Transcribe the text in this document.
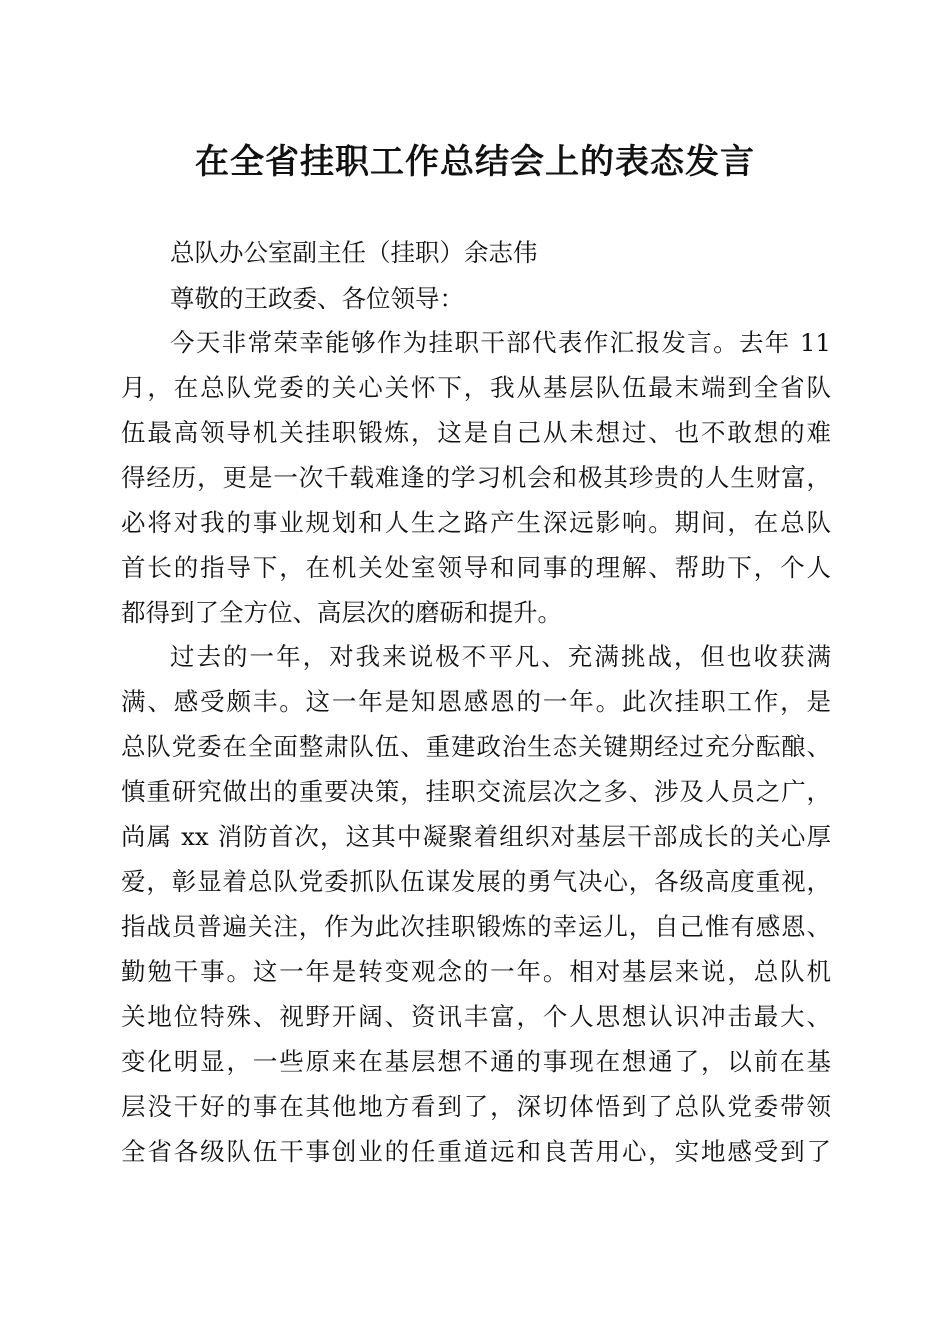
在全省挂职工作总结会上的表态发言
总队办公室副主任（挂职）余志伟
尊敬的王政委、各位领导：
今天非常荣幸能够作为挂职干部代表作汇报发言。去年 11
月，在总队党委的关心关怀下，我从基层队伍最末端到全省队
伍最高领导机关挂职锻炼，这是自己从未想过、也不敢想的难
得经历，更是一次千载难逢的学习机会和极其珍贵的人生财富，
必将对我的事业规划和人生之路产生深远影响。期间，在总队
首长的指导下，在机关处室领导和同事的理解、帮助下，个人
都得到了全方位、高层次的磨砺和提升。
过去的一年，对我来说极不平凡、充满挑战，但也收获满
满、感受颇丰。这一年是知恩感恩的一年。此次挂职工作，是
总队党委在全面整肃队伍、重建政治生态关键期经过充分酝酿、
慎重研究做出的重要决策，挂职交流层次之多、涉及人员之广，
尚属 xx 消防首次，这其中凝聚着组织对基层干部成长的关心厚
爱，彰显着总队党委抓队伍谋发展的勇气决心，各级高度重视，
指战员普遍关注，作为此次挂职锻炼的幸运儿，自己惟有感恩、
勤勉干事。这一年是转变观念的一年。相对基层来说，总队机
关地位特殊、视野开阔、资讯丰富，个人思想认识冲击最大、
变化明显，一些原来在基层想不通的事现在想通了，以前在基
层没干好的事在其他地方看到了，深切体悟到了总队党委带领
全省各级队伍干事创业的任重道远和良苦用心，实地感受到了
